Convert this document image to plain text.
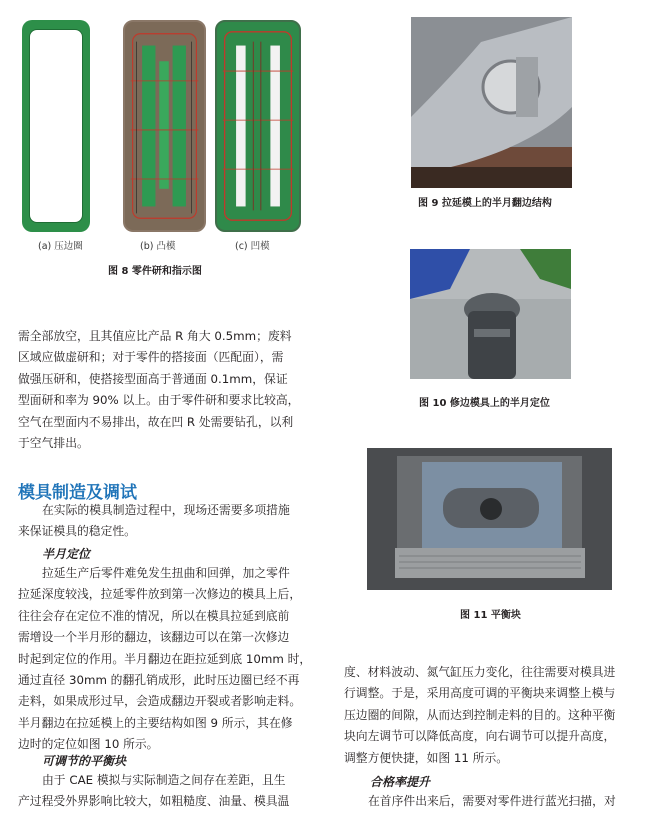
(a) 压边圈	(b) 凸模	(c) 凹模
图 8 零件研和指示图
图 9 拉延模上的半月翻边结构
图 10 修边模具上的半月定位
图 11 平衡块
需全部放空，且其值应比产品 R 角大 0.5mm；废料
区域应做虚研和；对于零件的搭接面（匹配面），需
做强压研和，使搭接型面高于普通面 0.1mm，保证
型面研和率为 90% 以上。由于零件研和要求比较高，
空气在型面内不易排出，故在凹 R 处需要钻孔，以利
于空气排出。
模具制造及调试
在实际的模具制造过程中，现场还需要多项措施
来保证模具的稳定性。
半月定位
拉延生产后零件难免发生扭曲和回弹，加之零件
拉延深度较浅，拉延零件放到第一次修边的模具上后，
往往会存在定位不准的情况，所以在模具拉延到底前
需增设一个半月形的翻边，该翻边可以在第一次修边
时起到定位的作用。半月翻边在距拉延到底 10mm 时，
通过直径 30mm 的翻孔销成形，此时压边圈已经不再
走料，如果成形过早，会造成翻边开裂或者影响走料。
半月翻边在拉延模上的主要结构如图 9 所示，其在修
边时的定位如图 10 所示。
可调节的平衡块
由于 CAE 模拟与实际制造之间存在差距，且生
产过程受外界影响比较大，如粗糙度、油量、模具温
度、材料波动、氮气缸压力变化，往往需要对模具进
行调整。于是，采用高度可调的平衡块来调整上模与
压边圈的间隙，从而达到控制走料的目的。这种平衡
块向左调节可以降低高度，向右调节可以提升高度，
调整方便快捷，如图 11 所示。
合格率提升
在首序件出来后，需要对零件进行蓝光扫描，对
